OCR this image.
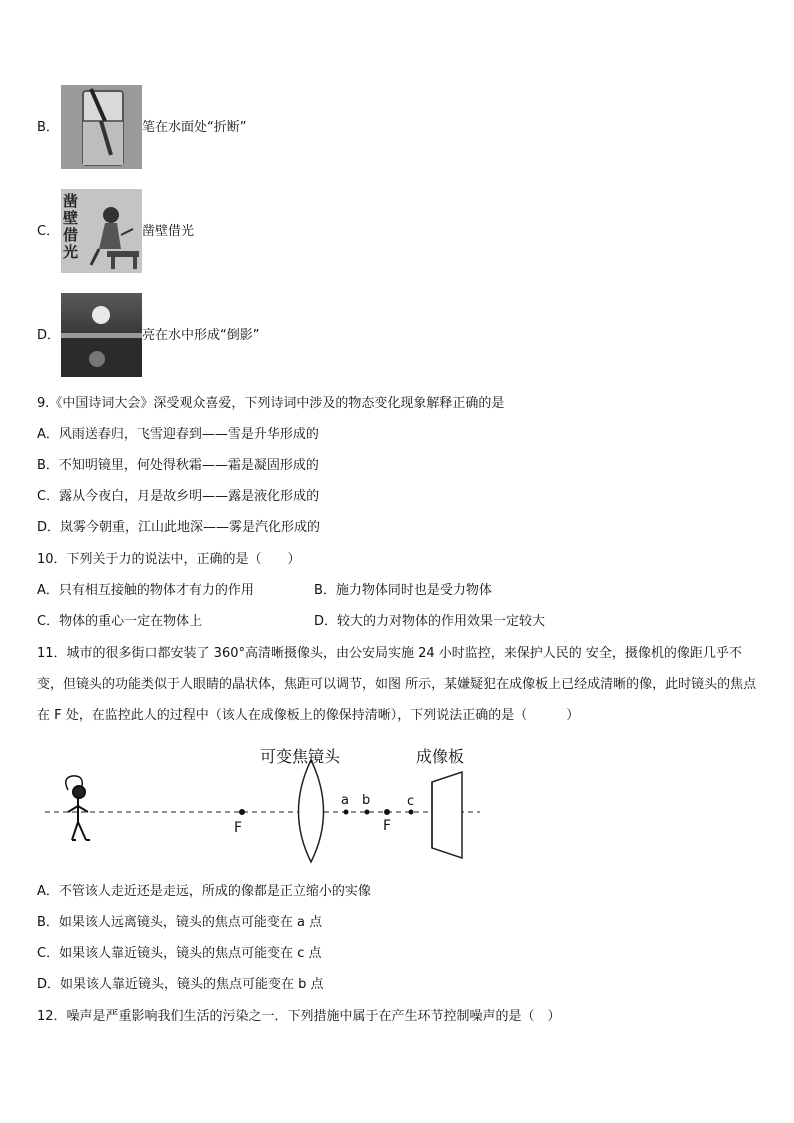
B．	笔在水面处“折断”
C．
凿
壁
借
光
凿壁借光
D．	亮在水中形成“倒影”
9.《中国诗词大会》深受观众喜爱，下列诗词中涉及的物态变化现象解释正确的是
A．风雨送春归，飞雪迎春到——雪是升华形成的
B．不知明镜里，何处得秋霜——霜是凝固形成的
C．露从今夜白，月是故乡明——露是液化形成的
D．岚雾今朝重，江山此地深——雾是汽化形成的
10．下列关于力的说法中，正确的是（　　）
A．只有相互接触的物体才有力的作用	B．施力物体同时也是受力物体
C．物体的重心一定在物体上	D．较大的力对物体的作用效果一定较大
11．城市的很多街口都安装了 360°高清晰摄像头，由公安局实施 24 小时监控，来保护人民的 安全，摄像机的像距几乎不变，但镜头的功能类似于人眼睛的晶状体，焦距可以调节，如图 所示，某嫌疑犯在成像板上已经成清晰的像，此时镜头的焦点在 F 处，在监控此人的过程中（该人在成像板上的像保持清晰），下列说法正确的是（　　　）
可变焦镜头	成像板
F
a b
F
c
A．不管该人走近还是走远，所成的像都是正立缩小的实像
B．如果该人远离镜头，镜头的焦点可能变在 a 点
C．如果该人靠近镜头，镜头的焦点可能变在 c 点
D．如果该人靠近镜头，镜头的焦点可能变在 b 点
12．噪声是严重影响我们生活的污染之一．下列措施中属于在产生环节控制噪声的是（　）
